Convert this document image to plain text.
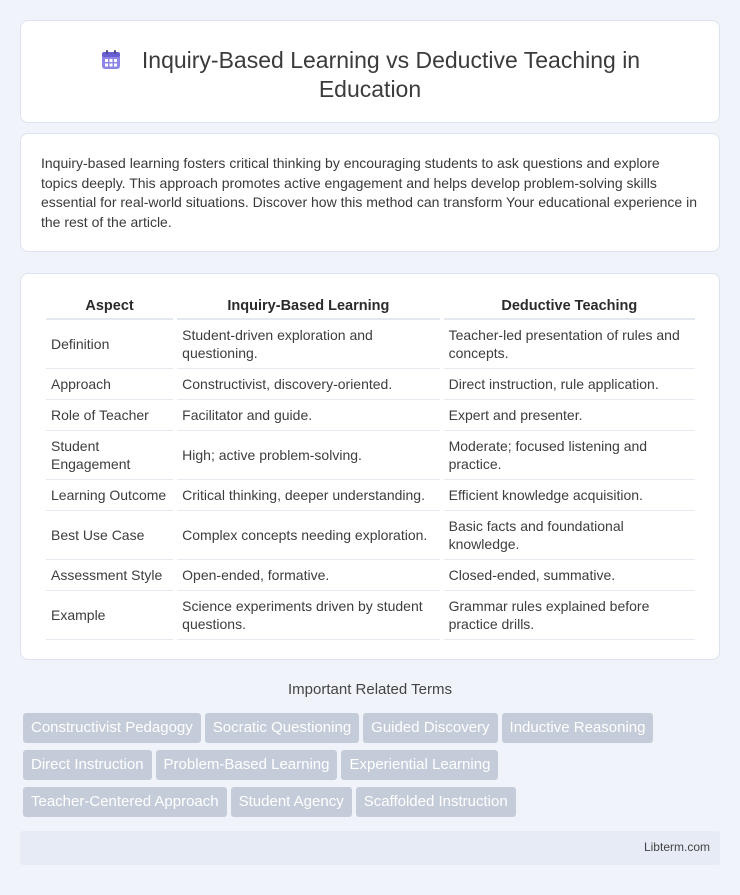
Inquiry-Based Learning vs Deductive Teaching in
Education

Inquiry-based learning fosters critical thinking by encouraging students to ask questions and explore topics deeply. This approach promotes active engagement and helps develop problem-solving skills essential for real-world situations. Discover how this method can transform Your educational experience in the rest of the article.

Aspect	Inquiry-Based Learning	Deductive Teaching
Definition	Student-driven exploration and questioning.	Teacher-led presentation of rules and concepts.
Approach	Constructivist, discovery-oriented.	Direct instruction, rule application.
Role of Teacher	Facilitator and guide.	Expert and presenter.
Student Engagement	High; active problem-solving.	Moderate; focused listening and practice.
Learning Outcome	Critical thinking, deeper understanding.	Efficient knowledge acquisition.
Best Use Case	Complex concepts needing exploration.	Basic facts and foundational knowledge.
Assessment Style	Open-ended, formative.	Closed-ended, summative.
Example	Science experiments driven by student questions.	Grammar rules explained before practice drills.
Important Related Terms
Constructivist Pedagogy Socratic Questioning Guided Discovery Inductive Reasoning
Direct Instruction Problem-Based Learning Experiential Learning
Teacher-Centered Approach Student Agency Scaffolded Instruction
Libterm.com
